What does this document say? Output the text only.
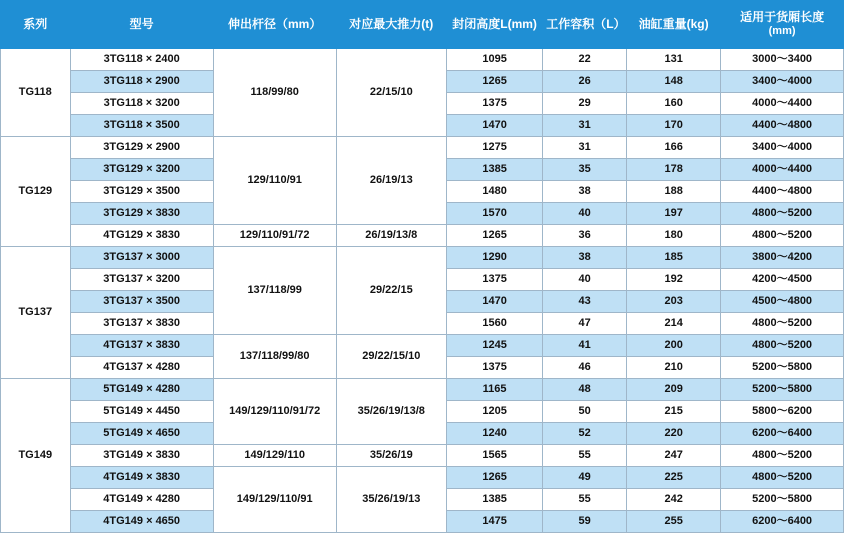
系列	型号	伸出杆径（mm）	对应最大推力(t)	封闭高度L(mm)	工作容积（L）	油缸重量(kg)	适用于货厢长度
(mm)

TG118	3TG118 × 2400	118/99/80	22/15/10	1095	22	131	3000～3400
	3TG118 × 2900			1265	26	148	3400～4000
	3TG118 × 3200			1375	29	160	4000～4400
	3TG118 × 3500			1470	31	170	4400～4800
TG129	3TG129 × 2900	129/110/91	26/19/13	1275	31	166	3400～4000
	3TG129 × 3200			1385	35	178	4000～4400
	3TG129 × 3500			1480	38	188	4400～4800
	3TG129 × 3830			1570	40	197	4800～5200
	4TG129 × 3830	129/110/91/72	26/19/13/8	1265	36	180	4800～5200
TG137	3TG137 × 3000	137/118/99	29/22/15	1290	38	185	3800～4200
	3TG137 × 3200			1375	40	192	4200～4500
	3TG137 × 3500			1470	43	203	4500～4800
	3TG137 × 3830			1560	47	214	4800～5200
	4TG137 × 3830	137/118/99/80	29/22/15/10	1245	41	200	4800～5200
	4TG137 × 4280			1375	46	210	5200～5800
TG149	5TG149 × 4280	149/129/110/91/72	35/26/19/13/8	1165	48	209	5200～5800
	5TG149 × 4450			1205	50	215	5800～6200
	5TG149 × 4650			1240	52	220	6200～6400
	3TG149 × 3830	149/129/110	35/26/19	1565	55	247	4800～5200
	4TG149 × 3830	149/129/110/91	35/26/19/13	1265	49	225	4800～5200
	4TG149 × 4280			1385	55	242	5200～5800
	4TG149 × 4650			1475	59	255	6200～6400
